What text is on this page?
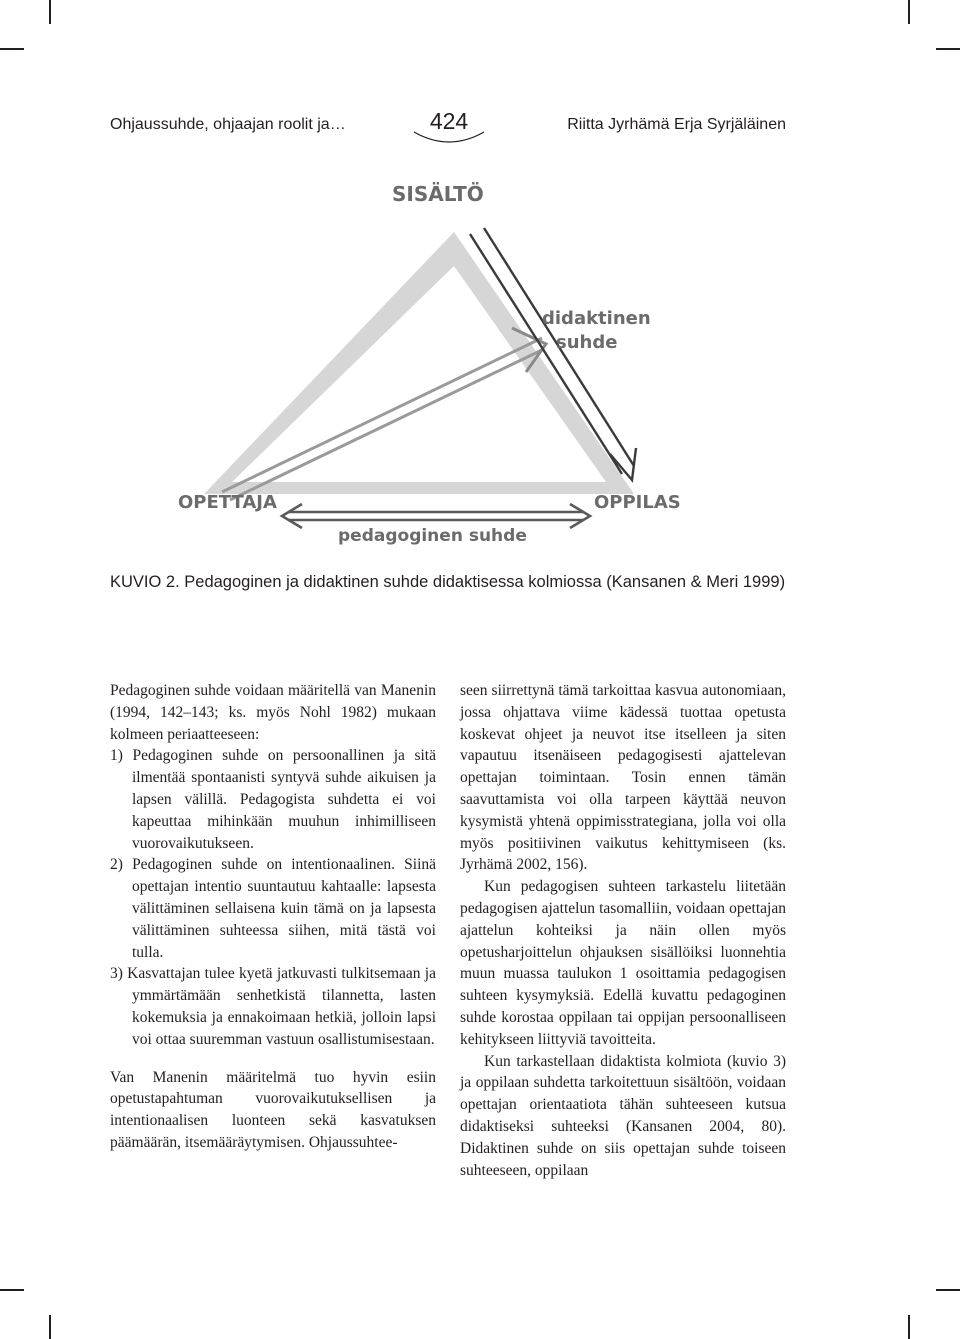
Ohjaussuhde, ohjaajan roolit ja…	424	Riitta Jyrhämä Erja Syrjäläinen
SISÄLTÖ
OPETTAJA	OPPILAS
didaktinen
suhde
pedagoginen suhde
KUVIO 2. Pedagoginen ja didaktinen suhde didaktisessa kolmiossa (Kansanen & Meri 1999)

Pedagoginen suhde voidaan määritellä van Manenin (1994, 142–143; ks. myös Nohl 1982) mukaan kolmeen periaatteeseen:

1) Pedagoginen suhde on persoonallinen ja sitä ilmentää spontaanisti syntyvä suhde aikuisen ja lapsen välillä. Pedagogista suhdetta ei voi kapeuttaa mihinkään muuhun inhimilliseen vuorovaikutukseen.
2) Pedagoginen suhde on intentionaalinen. Siinä opettajan intentio suuntautuu kahtaalle: lapsesta välittäminen sellaisena kuin tämä on ja lapsesta välittäminen suhteessa siihen, mitä tästä voi tulla.
3) Kasvattajan tulee kyetä jatkuvasti tulkitsemaan ja ymmärtämään senhetkistä tilannetta, lasten kokemuksia ja ennakoimaan hetkiä, jolloin lapsi voi ottaa suuremman vastuun osallistumisestaan.

Van Manenin määritelmä tuo hyvin esiin opetustapahtuman vuorovaikutuksellisen ja intentionaalisen luonteen sekä kasvatuksen päämäärän, itsemääräytymisen. Ohjaussuhtee-

seen siirrettynä tämä tarkoittaa kasvua autonomiaan, jossa ohjattava viime kädessä tuottaa opetusta koskevat ohjeet ja neuvot itse itselleen ja siten vapautuu itsenäiseen pedagogisesti ajattelevan opettajan toimintaan. Tosin ennen tämän saavuttamista voi olla tarpeen käyttää neuvon kysymistä yhtenä oppimisstrategiana, jolla voi olla myös positiivinen vaikutus kehittymiseen (ks. Jyrhämä 2002, 156).

Kun pedagogisen suhteen tarkastelu liitetään pedagogisen ajattelun tasomalliin, voidaan opettajan ajattelun kohteiksi ja näin ollen myös opetusharjoittelun ohjauksen sisällöiksi luonnehtia muun muassa taulukon 1 osoittamia pedagogisen suhteen kysymyksiä. Edellä kuvattu pedagoginen suhde korostaa oppilaan tai oppijan persoonalliseen kehitykseen liittyviä tavoitteita.

Kun tarkastellaan didaktista kolmiota (kuvio 3) ja oppilaan suhdetta tarkoitettuun sisältöön, voidaan opettajan orientaatiota tähän suhteeseen kutsua didaktiseksi suhteeksi (Kansanen 2004, 80). Didaktinen suhde on siis opettajan suhde toiseen suhteeseen, oppilaan
